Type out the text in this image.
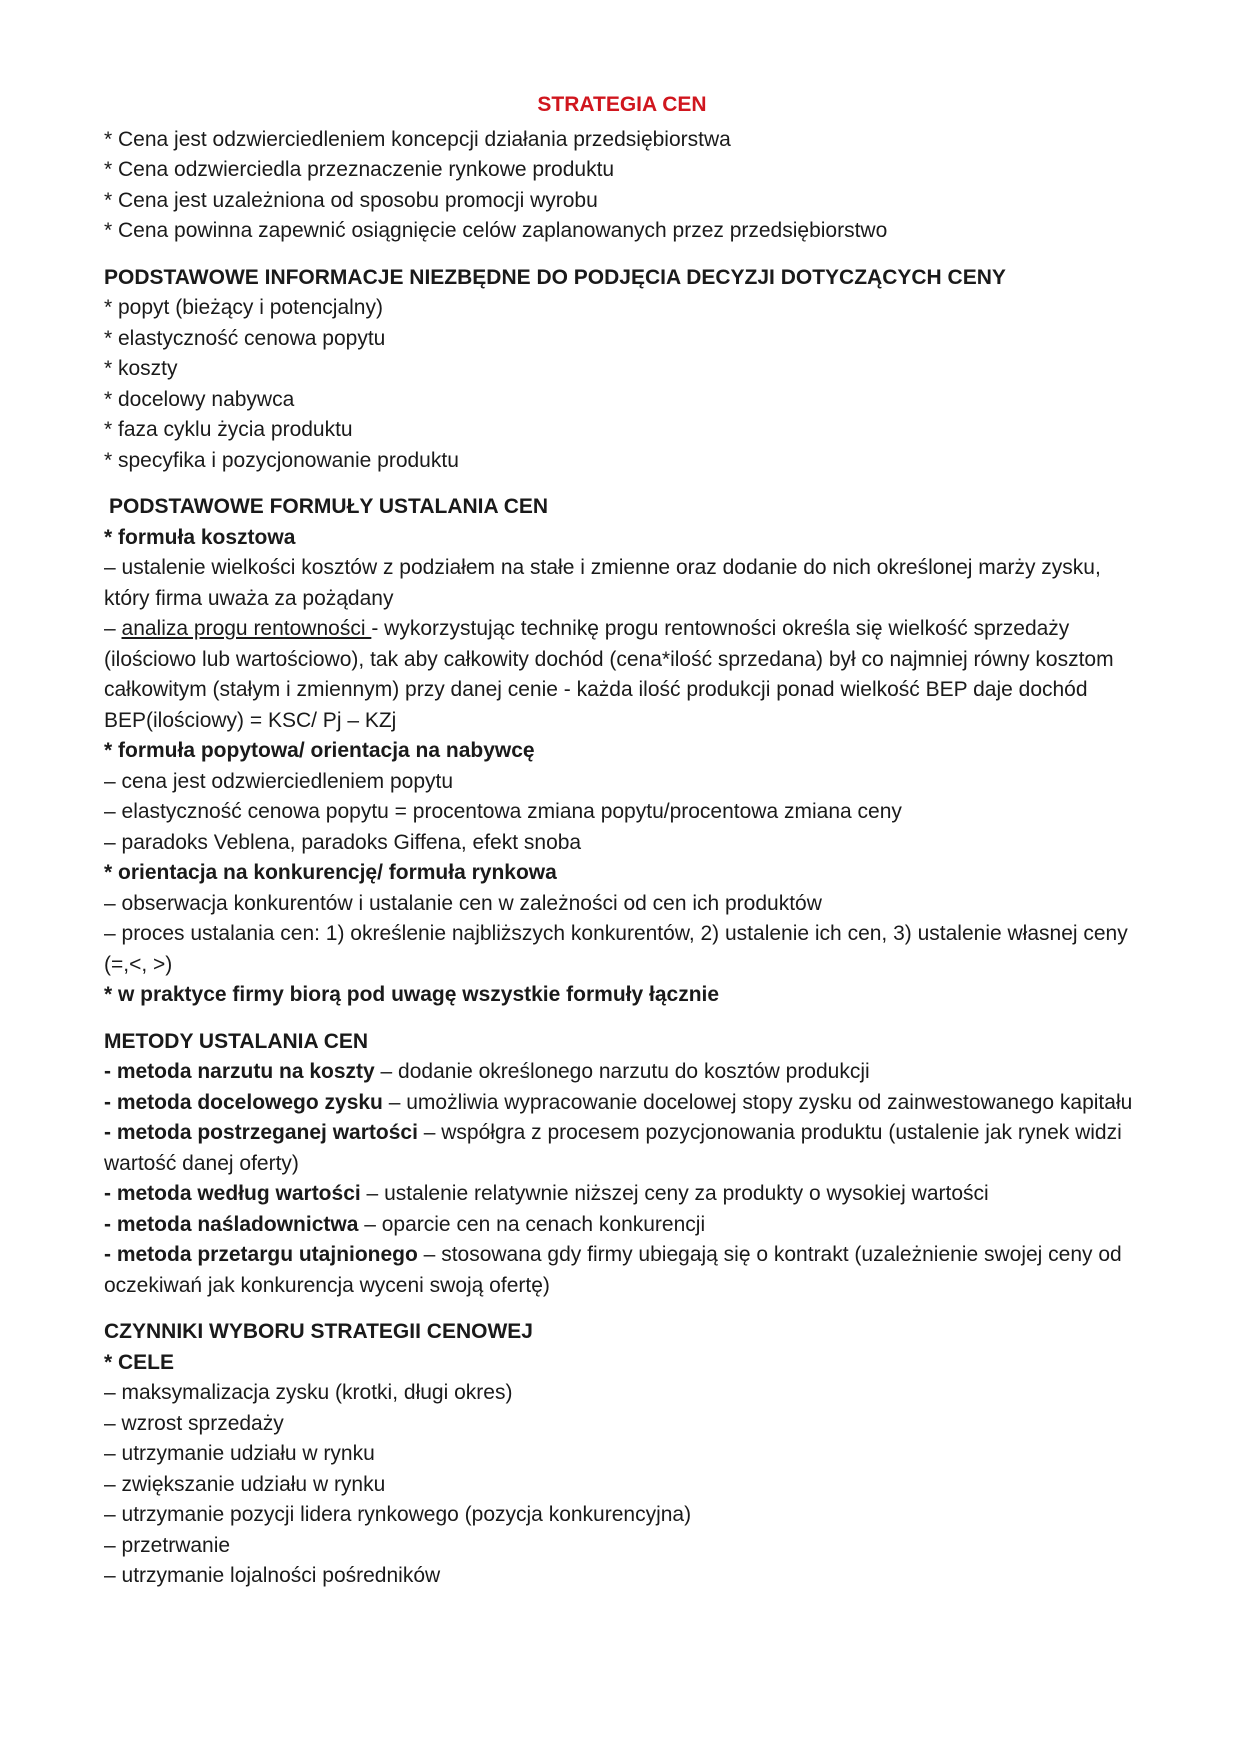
STRATEGIA CEN

* Cena jest odzwierciedleniem koncepcji działania przedsiębiorstwa

* Cena odzwierciedla przeznaczenie rynkowe produktu

* Cena jest uzależniona od sposobu promocji wyrobu

* Cena powinna zapewnić osiągnięcie celów zaplanowanych przez przedsiębiorstwo

PODSTAWOWE INFORMACJE NIEZBĘDNE DO PODJĘCIA DECYZJI DOTYCZĄCYCH CENY

* popyt (bieżący i potencjalny)

* elastyczność cenowa popytu

* koszty

* docelowy nabywca

* faza cyklu życia produktu

* specyfika i pozycjonowanie produktu

PODSTAWOWE FORMUŁY USTALANIA CEN

* formuła kosztowa

– ustalenie wielkości kosztów z podziałem na stałe i zmienne oraz dodanie do nich określonej marży zysku, który firma uważa za pożądany

– analiza progu rentowności - wykorzystując technikę progu rentowności określa się wielkość sprzedaży (ilościowo lub wartościowo), tak aby całkowity dochód (cena*ilość sprzedana) był co najmniej równy kosztom całkowitym (stałym i zmiennym) przy danej cenie - każda ilość produkcji ponad wielkość BEP daje dochód BEP(ilościowy) = KSC/ Pj – KZj

* formuła popytowa/ orientacja na nabywcę

– cena jest odzwierciedleniem popytu

– elastyczność cenowa popytu = procentowa zmiana popytu/procentowa zmiana ceny

– paradoks Veblena, paradoks Giffena, efekt snoba

* orientacja na konkurencję/ formuła rynkowa

– obserwacja konkurentów i ustalanie cen w zależności od cen ich produktów

– proces ustalania cen: 1) określenie najbliższych konkurentów, 2) ustalenie ich cen, 3) ustalenie własnej ceny (=,<, >)

* w praktyce firmy biorą pod uwagę wszystkie formuły łącznie

METODY USTALANIA CEN

- metoda narzutu na koszty – dodanie określonego narzutu do kosztów produkcji

- metoda docelowego zysku – umożliwia wypracowanie docelowej stopy zysku od zainwestowanego kapitału

- metoda postrzeganej wartości – współgra z procesem pozycjonowania produktu (ustalenie jak rynek widzi wartość danej oferty)

- metoda według wartości – ustalenie relatywnie niższej ceny za produkty o wysokiej wartości

- metoda naśladownictwa – oparcie cen na cenach konkurencji

- metoda przetargu utajnionego – stosowana gdy firmy ubiegają się o kontrakt (uzależnienie swojej ceny od oczekiwań jak konkurencja wyceni swoją ofertę)

CZYNNIKI WYBORU STRATEGII CENOWEJ

* CELE

– maksymalizacja zysku (krotki, długi okres)

– wzrost sprzedaży

– utrzymanie udziału w rynku

– zwiększanie udziału w rynku

– utrzymanie pozycji lidera rynkowego (pozycja konkurencyjna)

– przetrwanie

– utrzymanie lojalności pośredników
